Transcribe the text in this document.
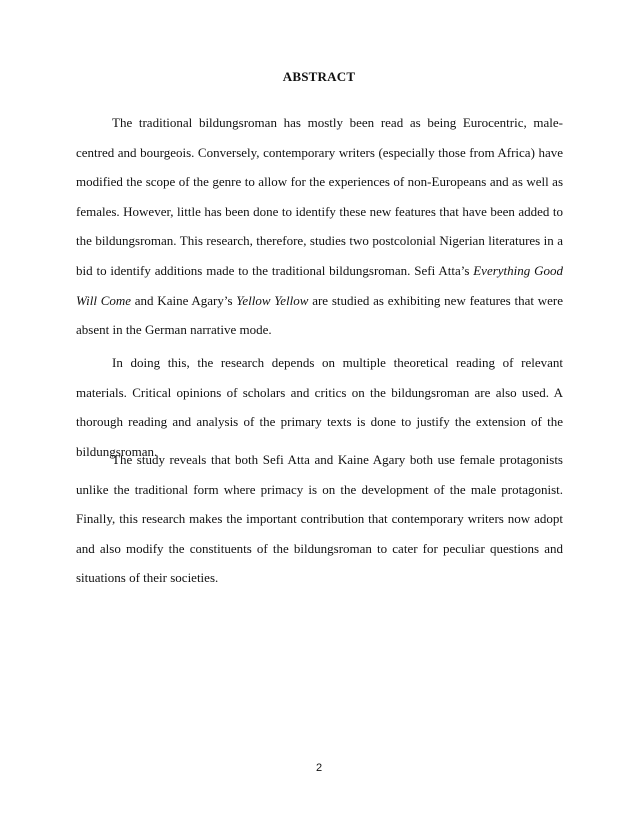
ABSTRACT

The traditional bildungsroman has mostly been read as being Eurocentric, male-centred and bourgeois. Conversely, contemporary writers (especially those from Africa) have modified the scope of the genre to allow for the experiences of non-Europeans and as well as females. However, little has been done to identify these new features that have been added to the bildungsroman. This research, therefore, studies two postcolonial Nigerian literatures in a bid to identify additions made to the traditional bildungsroman. Sefi Atta’s Everything Good Will Come and Kaine Agary’s Yellow Yellow are studied as exhibiting new features that were absent in the German narrative mode.

In doing this, the research depends on multiple theoretical reading of relevant materials. Critical opinions of scholars and critics on the bildungsroman are also used. A thorough reading and analysis of the primary texts is done to justify the extension of the bildungsroman.

The study reveals that both Sefi Atta and Kaine Agary both use female protagonists unlike the traditional form where primacy is on the development of the male protagonist. Finally, this research makes the important contribution that contemporary writers now adopt and also modify the constituents of the bildungsroman to cater for peculiar questions and situations of their societies.

2
